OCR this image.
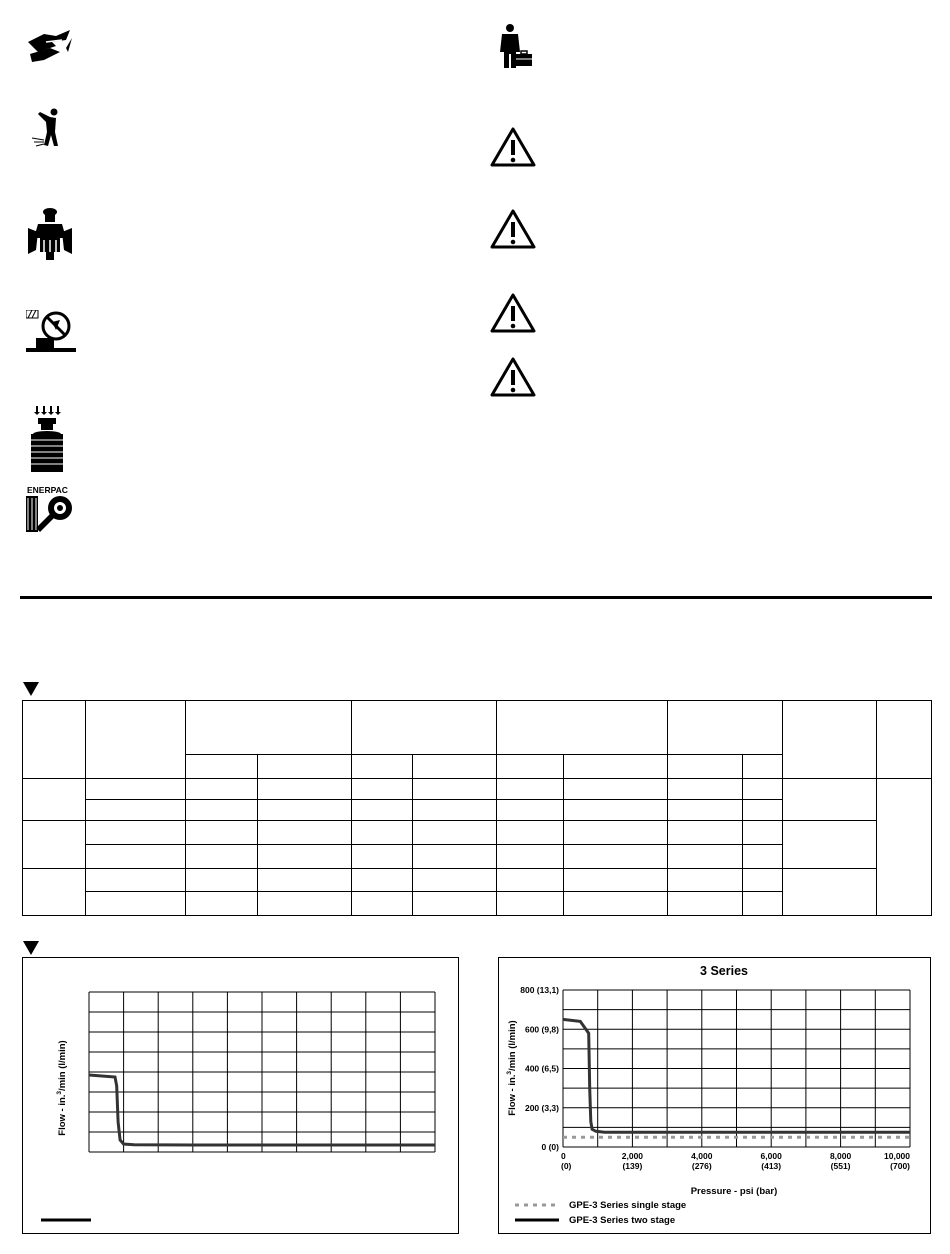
ENERPAC

Flow - in.$^3$/min (l/min)
3 Series
0 (0)
200 (3,3)
400 (6,5)
600 (9,8)
800 (13,1)
0
(0)
2,000
(139)
4,000
(276)
6,000
(413)
8,000
(551)
10,000
(700)
Flow - in.$^3$/min (l/min)
Pressure - psi (bar)
GPE-3 Series single stage
GPE-3 Series two stage
